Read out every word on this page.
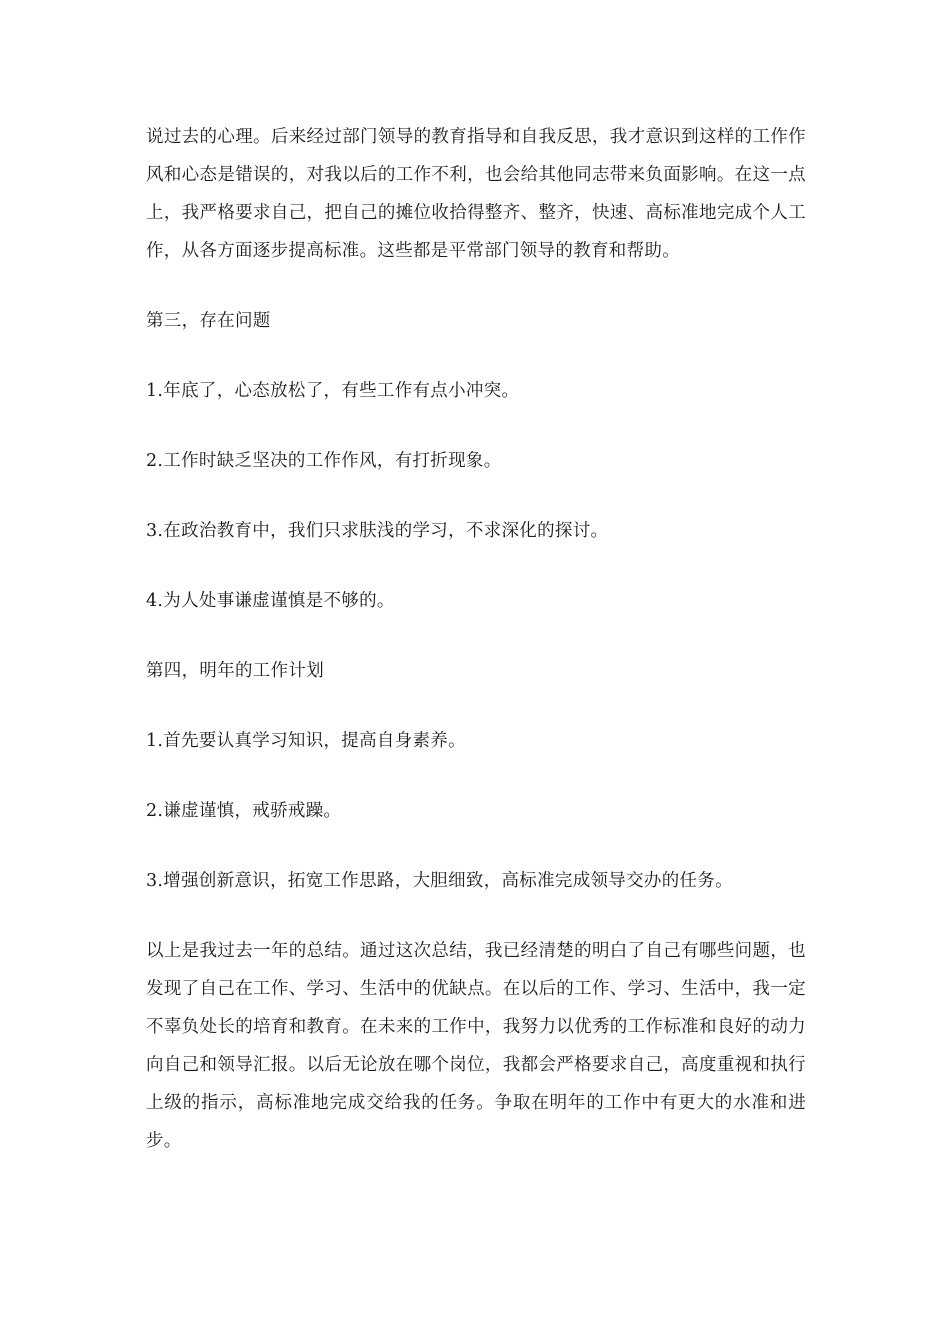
说过去的心理。后来经过部门领导的教育指导和自我反思，我才意识到这样的工作作风和心态是错误的，对我以后的工作不利，也会给其他同志带来负面影响。在这一点上，我严格要求自己，把自己的摊位收拾得整齐、整齐，快速、高标准地完成个人工作，从各方面逐步提高标准。这些都是平常部门领导的教育和帮助。

第三，存在问题

1.年底了，心态放松了，有些工作有点小冲突。

2.工作时缺乏坚决的工作作风，有打折现象。

3.在政治教育中，我们只求肤浅的学习，不求深化的探讨。

4.为人处事谦虚谨慎是不够的。

第四，明年的工作计划

1.首先要认真学习知识，提高自身素养。

2.谦虚谨慎，戒骄戒躁。

3.增强创新意识，拓宽工作思路，大胆细致，高标准完成领导交办的任务。

以上是我过去一年的总结。通过这次总结，我已经清楚的明白了自己有哪些问题，也发现了自己在工作、学习、生活中的优缺点。在以后的工作、学习、生活中，我一定不辜负处长的培育和教育。在未来的工作中，我努力以优秀的工作标准和良好的动力向自己和领导汇报。以后无论放在哪个岗位，我都会严格要求自己，高度重视和执行上级的指示，高标准地完成交给我的任务。争取在明年的工作中有更大的水准和进步。
